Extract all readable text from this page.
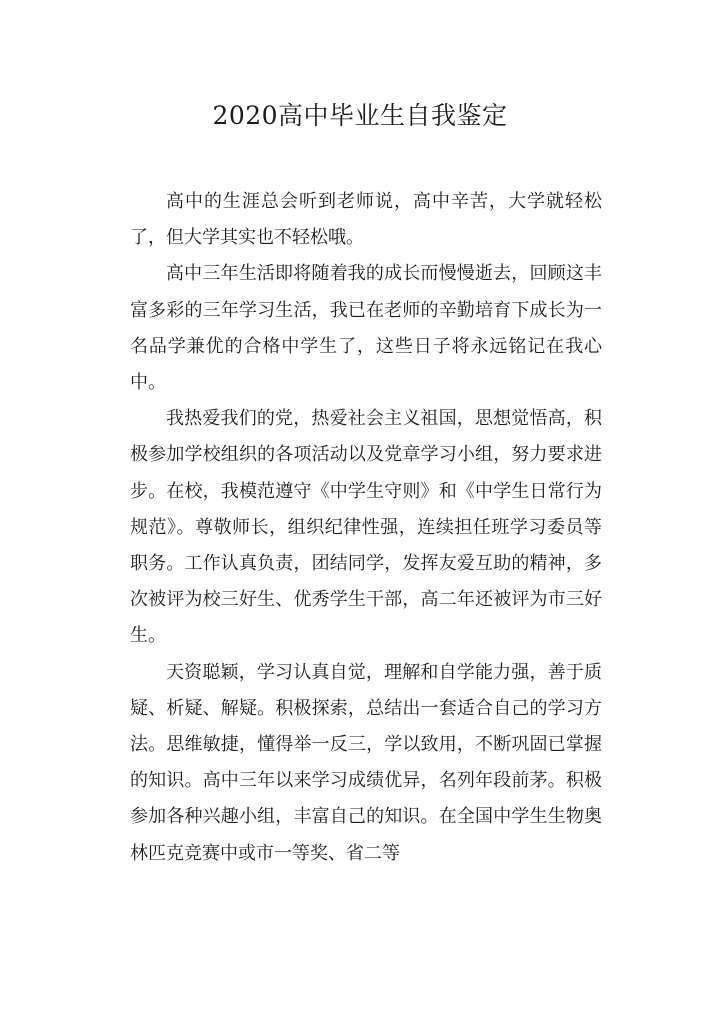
2020高中毕业生自我鉴定

高中的生涯总会听到老师说，高中辛苦，大学就轻松了，但大学其实也不轻松哦。

高中三年生活即将随着我的成长而慢慢逝去，回顾这丰富多彩的三年学习生活，我已在老师的辛勤培育下成长为一名品学兼优的合格中学生了，这些日子将永远铭记在我心中。

我热爱我们的党，热爱社会主义祖国，思想觉悟高，积极参加学校组织的各项活动以及党章学习小组，努力要求进步。在校，我模范遵守《中学生守则》和《中学生日常行为规范》。尊敬师长，组织纪律性强，连续担任班学习委员等职务。工作认真负责，团结同学，发挥友爱互助的精神，多次被评为校三好生、优秀学生干部，高二年还被评为市三好生。

天资聪颖，学习认真自觉，理解和自学能力强，善于质疑、析疑、解疑。积极探索，总结出一套适合自己的学习方法。思维敏捷，懂得举一反三，学以致用，不断巩固已掌握的知识。高中三年以来学习成绩优异，名列年段前茅。积极参加各种兴趣小组，丰富自己的知识。在全国中学生生物奥林匹克竞赛中或市一等奖、省二等
